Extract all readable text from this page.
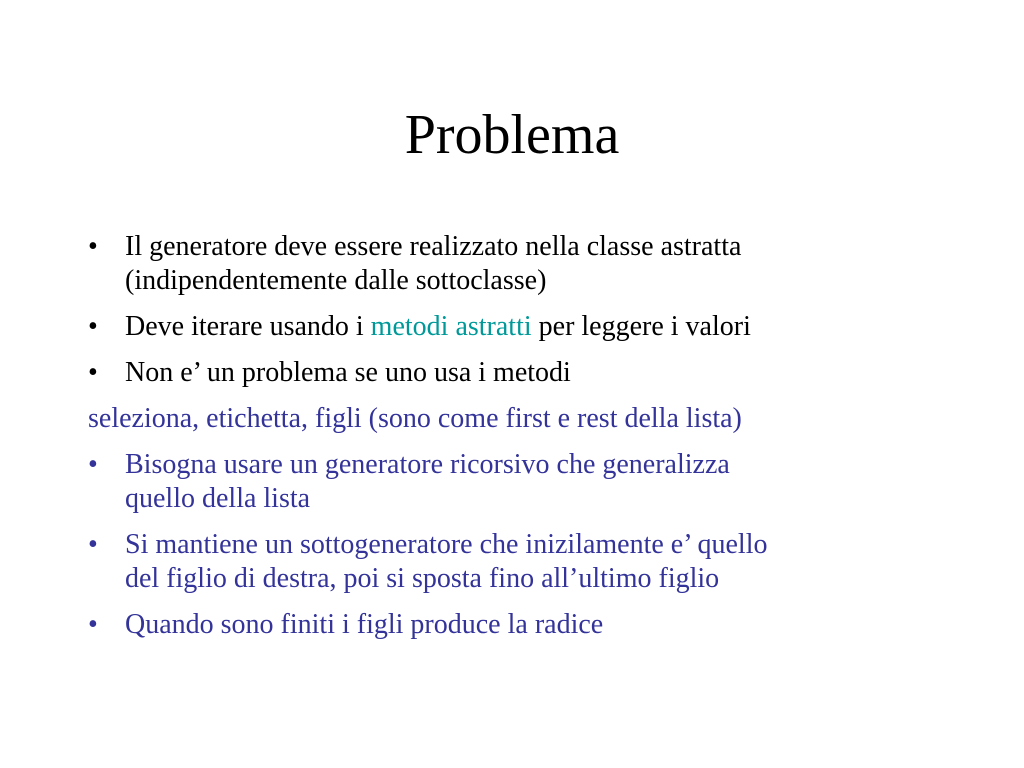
Problema
• Il generatore deve essere realizzato nella classe astratta
(indipendentemente dalle sottoclasse)
• Deve iterare usando i metodi astratti per leggere i valori
• Non e’ un problema se uno usa i metodi
seleziona, etichetta, figli (sono come first e rest della lista)
• Bisogna usare un generatore ricorsivo che generalizza
quello della lista
• Si mantiene un sottogeneratore che inizilamente e’ quello
del figlio di destra, poi si sposta fino all’ultimo figlio
• Quando sono finiti i figli produce la radice
